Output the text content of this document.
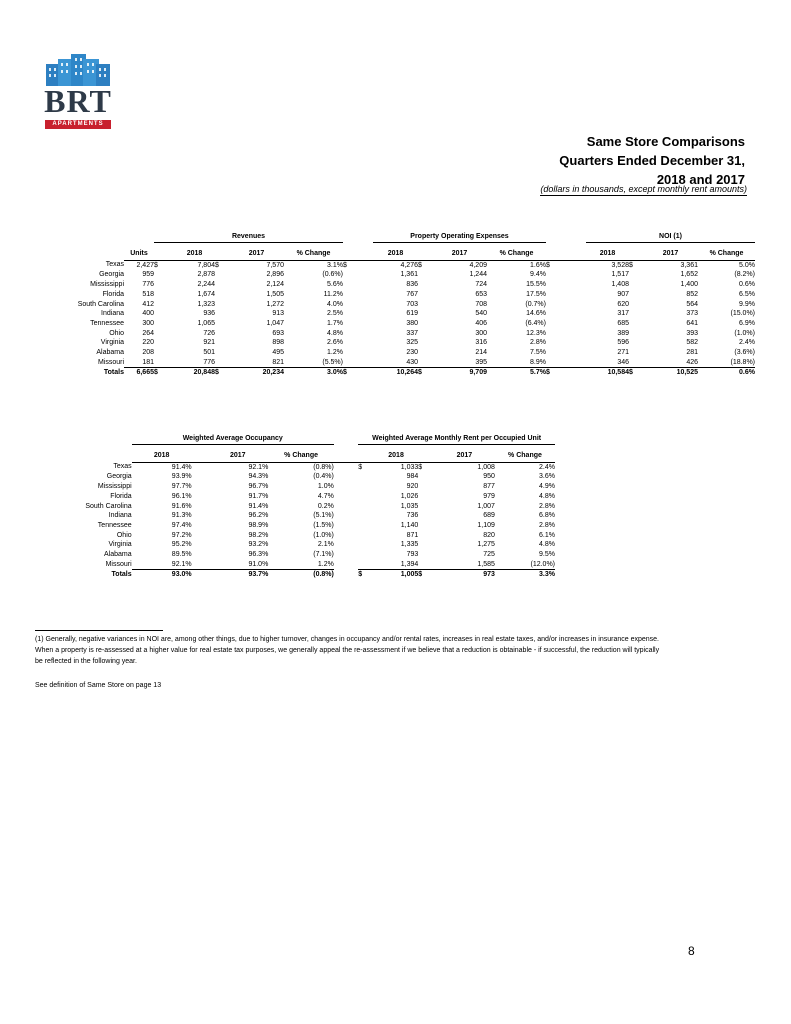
BRT
APARTMENTS
Same Store Comparisons
Quarters Ended December 31,
2018 and 2017
(dollars in thousands, except monthly rent amounts)
		Revenues						Property Operating Expenses					NOI (1)			

	Units		2018		2017	% Change		2018		2017	% Change		2018		2017	% Change
Texas	2,427	$	7,804	$	7,570	3.1%	$	4,276	$	4,209	1.6%	$	3,528	$	3,361	5.0%
Georgia	959		2,878		2,896	(0.6%)		1,361		1,244	9.4%		1,517		1,652	(8.2%)
Mississippi	776		2,244		2,124	5.6%		836		724	15.5%		1,408		1,400	0.6%
Florida	518		1,674		1,505	11.2%		767		653	17.5%		907		852	6.5%
South Carolina	412		1,323		1,272	4.0%		703		708	(0.7%)		620		564	9.9%
Indiana	400		936		913	2.5%		619		540	14.6%		317		373	(15.0%)
Tennessee	300		1,065		1,047	1.7%		380		406	(6.4%)		685		641	6.9%
Ohio	264		726		693	4.8%		337		300	12.3%		389		393	(1.0%)
Virginia	220		921		898	2.6%		325		316	2.8%		596		582	2.4%
Alabama	208		501		495	1.2%		230		214	7.5%		271		281	(3.6%)
Missouri	181		776		821	(5.5%)		430		395	8.9%		346		426	(18.8%)
Totals	6,665	$	20,848	$	20,234	3.0%	$	10,264	$	9,709	5.7%	$	10,584	$	10,525	0.6%
	Weighted Average Occupancy					Weighted Average Monthly Rent per Occupied Unit				

	2018		2017	% Change			2018		2017	% Change
Texas	91.4%		92.1%	(0.8%)		$	1,033	$	1,008	2.4%
Georgia	93.9%		94.3%	(0.4%)			984		950	3.6%
Mississippi	97.7%		96.7%	1.0%			920		877	4.9%
Florida	96.1%		91.7%	4.7%			1,026		979	4.8%
South Carolina	91.6%		91.4%	0.2%			1,035		1,007	2.8%
Indiana	91.3%		96.2%	(5.1%)			736		689	6.8%
Tennessee	97.4%		98.9%	(1.5%)			1,140		1,109	2.8%
Ohio	97.2%		98.2%	(1.0%)			871		820	6.1%
Virginia	95.2%		93.2%	2.1%			1,335		1,275	4.8%
Alabama	89.5%		96.3%	(7.1%)			793		725	9.5%
Missouri	92.1%		91.0%	1.2%			1,394		1,585	(12.0%)
Totals	93.0%		93.7%	(0.8%)		$	1,005	$	973	3.3%
(1) Generally, negative variances in NOI are, among other things, due to higher turnover, changes in occupancy and/or rental rates, increases in real estate taxes, and/or increases in insurance expense.
When a property is re-assessed at a higher value for real estate tax purposes, we generally appeal the re-assessment if we believe that a reduction is obtainable - if successful, the reduction will typically
be reflected in the following year.
See definition of Same Store on page 13
8
